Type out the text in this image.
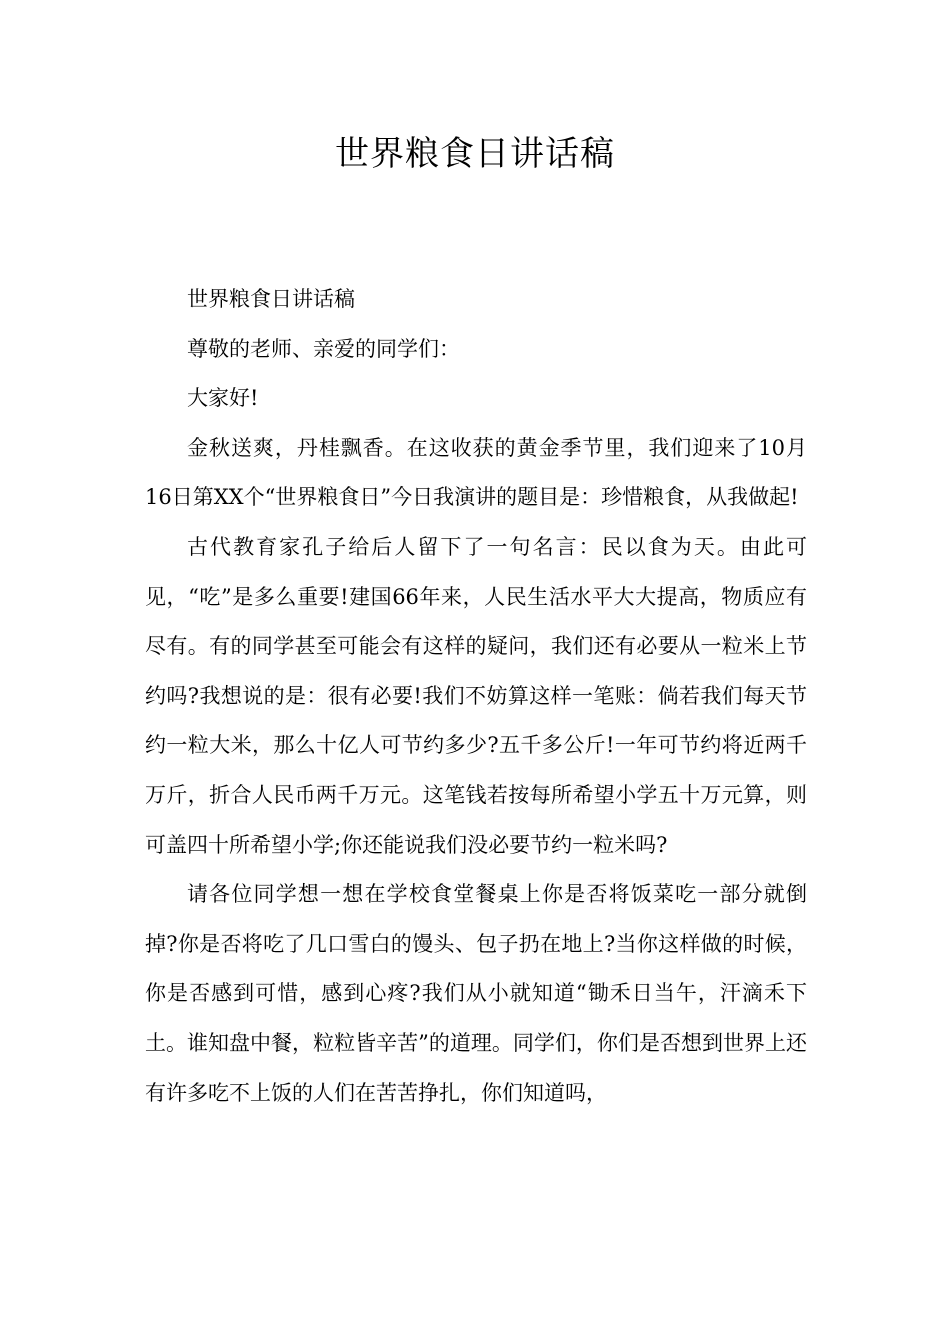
世界粮食日讲话稿

世界粮食日讲话稿

尊敬的老师、亲爱的同学们：

大家好!

金秋送爽，丹桂飘香。在这收获的黄金季节里，我们迎来了10月16日第XX个“世界粮食日”今日我演讲的题目是：珍惜粮食，从我做起!

古代教育家孔子给后人留下了一句名言：民以食为天。由此可见，“吃”是多么重要!建国66年来，人民生活水平大大提高，物质应有尽有。有的同学甚至可能会有这样的疑问，我们还有必要从一粒米上节约吗?我想说的是：很有必要!我们不妨算这样一笔账：倘若我们每天节约一粒大米，那么十亿人可节约多少?五千多公斤!一年可节约将近两千万斤，折合人民币两千万元。这笔钱若按每所希望小学五十万元算，则可盖四十所希望小学;你还能说我们没必要节约一粒米吗?

请各位同学想一想在学校食堂餐桌上你是否将饭菜吃一部分就倒掉?你是否将吃了几口雪白的馒头、包子扔在地上?当你这样做的时候，你是否感到可惜，感到心疼?我们从小就知道“锄禾日当午，汗滴禾下土。谁知盘中餐，粒粒皆辛苦”的道理。同学们，你们是否想到世界上还有许多吃不上饭的人们在苦苦挣扎，你们知道吗，
